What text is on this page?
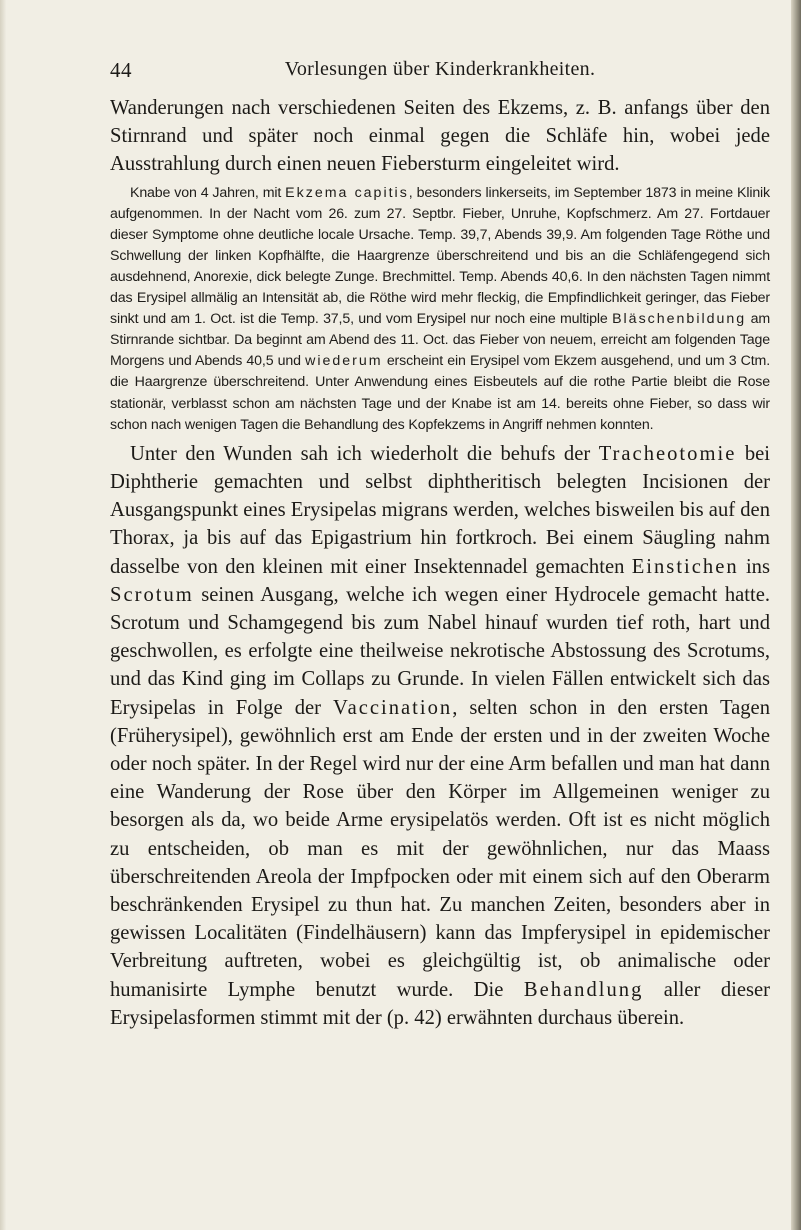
44	Vorlesungen über Kinderkrankheiten.

Wanderungen nach verschiedenen Seiten des Ekzems, z. B. anfangs über den Stirnrand und später noch einmal gegen die Schläfe hin, wobei jede Ausstrahlung durch einen neuen Fiebersturm eingeleitet wird.

Knabe von 4 Jahren, mit Ekzema capitis, besonders linkerseits, im September 1873 in meine Klinik aufgenommen. In der Nacht vom 26. zum 27. Septbr. Fieber, Unruhe, Kopfschmerz. Am 27. Fortdauer dieser Symptome ohne deutliche locale Ursache. Temp. 39,7, Abends 39,9. Am folgenden Tage Röthe und Schwellung der linken Kopfhälfte, die Haargrenze überschreitend und bis an die Schläfengegend sich ausdehnend, Anorexie, dick belegte Zunge. Brechmittel. Temp. Abends 40,6. In den nächsten Tagen nimmt das Erysipel allmälig an Intensität ab, die Röthe wird mehr fleckig, die Empfindlichkeit geringer, das Fieber sinkt und am 1. Oct. ist die Temp. 37,5, und vom Erysipel nur noch eine multiple Bläschenbildung am Stirnrande sichtbar. Da beginnt am Abend des 11. Oct. das Fieber von neuem, erreicht am folgenden Tage Morgens und Abends 40,5 und wiederum erscheint ein Erysipel vom Ekzem ausgehend, und um 3 Ctm. die Haargrenze überschreitend. Unter Anwendung eines Eisbeutels auf die rothe Partie bleibt die Rose stationär, verblasst schon am nächsten Tage und der Knabe ist am 14. bereits ohne Fieber, so dass wir schon nach wenigen Tagen die Behandlung des Kopfekzems in Angriff nehmen konnten.

Unter den Wunden sah ich wiederholt die behufs der Tracheotomie bei Diphtherie gemachten und selbst diphtheritisch belegten Incisionen der Ausgangspunkt eines Erysipelas migrans werden, welches bisweilen bis auf den Thorax, ja bis auf das Epigastrium hin fortkroch. Bei einem Säugling nahm dasselbe von den kleinen mit einer Insektennadel gemachten Einstichen ins Scrotum seinen Ausgang, welche ich wegen einer Hydrocele gemacht hatte. Scrotum und Schamgegend bis zum Nabel hinauf wurden tief roth, hart und geschwollen, es erfolgte eine theilweise nekrotische Abstossung des Scrotums, und das Kind ging im Collaps zu Grunde. In vielen Fällen entwickelt sich das Erysipelas in Folge der Vaccination, selten schon in den ersten Tagen (Früherysipel), gewöhnlich erst am Ende der ersten und in der zweiten Woche oder noch später. In der Regel wird nur der eine Arm befallen und man hat dann eine Wanderung der Rose über den Körper im Allgemeinen weniger zu besorgen als da, wo beide Arme erysipelatös werden. Oft ist es nicht möglich zu entscheiden, ob man es mit der gewöhnlichen, nur das Maass überschreitenden Areola der Impfpocken oder mit einem sich auf den Oberarm beschränkenden Erysipel zu thun hat. Zu manchen Zeiten, besonders aber in gewissen Localitäten (Findelhäusern) kann das Impferysipel in epidemischer Verbreitung auftreten, wobei es gleichgültig ist, ob animalische oder humanisirte Lymphe benutzt wurde. Die Behandlung aller dieser Erysipelasformen stimmt mit der (p. 42) erwähnten durchaus überein.
